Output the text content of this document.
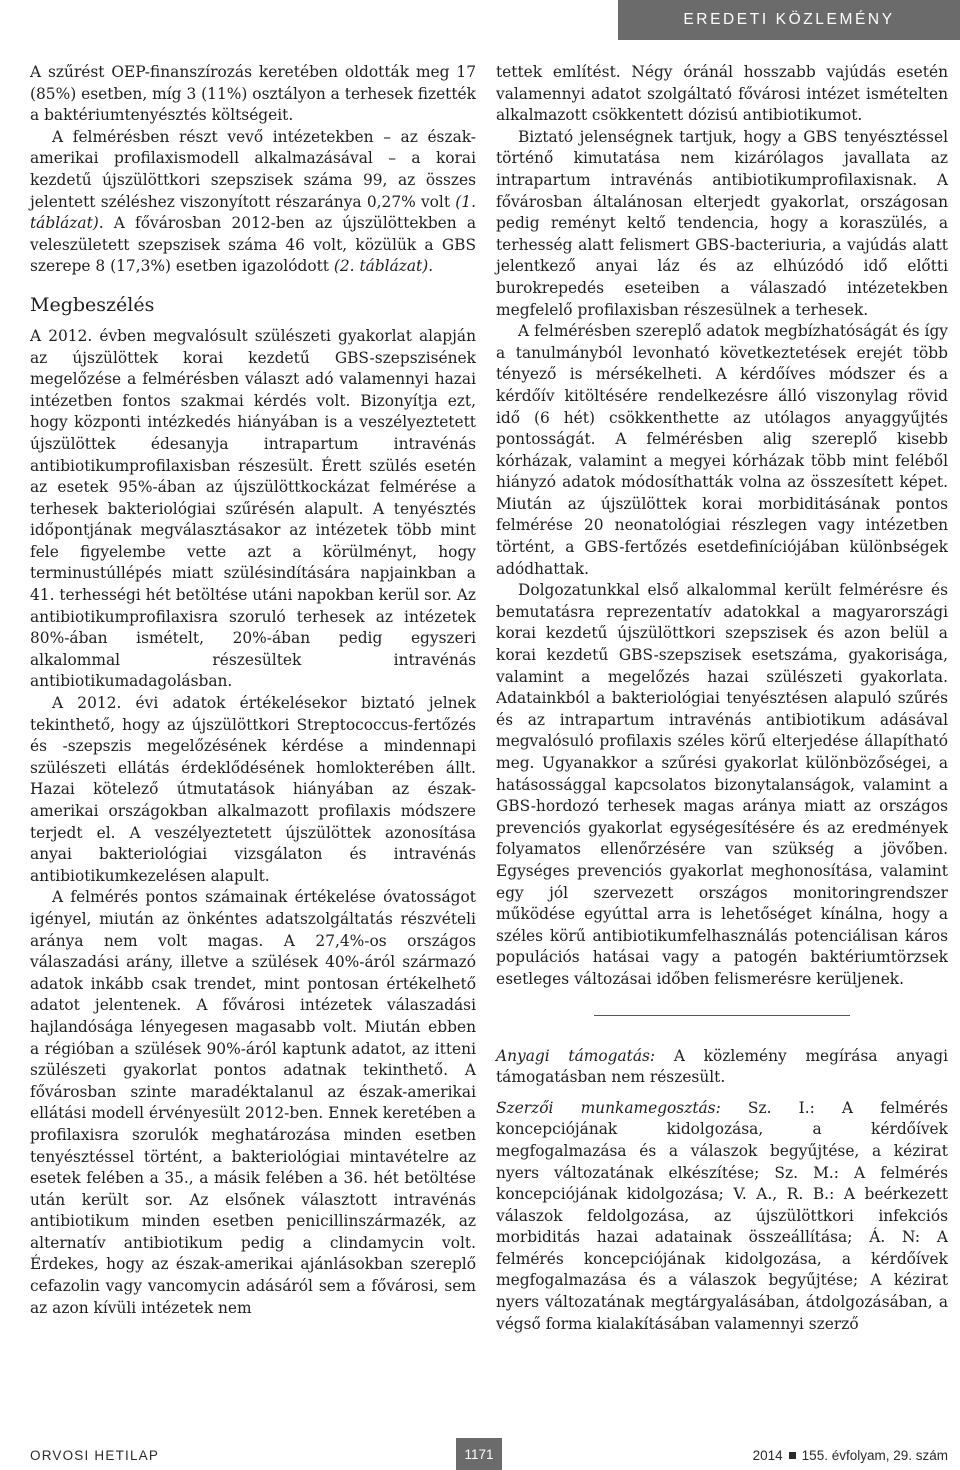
EREDETI KÖZLEMÉNY

A szűrést OEP-finanszírozás keretében oldották meg 17 (85%) esetben, míg 3 (11%) osztályon a terhesek fizették a baktériumtenyésztés költségeit.

A felmérésben részt vevő intézetekben – az észak-amerikai profilaxismodell alkalmazásával – a korai kezdetű újszülöttkori szepszisek száma 99, az összes jelentett széléshez viszonyított részaránya 0,27% volt (1. táblázat). A fővárosban 2012-ben az újszülöttekben a veleszületett szepszisek száma 46 volt, közülük a GBS szerepe 8 (17,3%) esetben igazolódott (2. táblázat).

Megbeszélés

A 2012. évben megvalósult szülészeti gyakorlat alapján az újszülöttek korai kezdetű GBS-szepszisének megelőzése a felmérésben választ adó valamennyi hazai intézetben fontos szakmai kérdés volt. Bizonyítja ezt, hogy központi intézkedés hiányában is a veszélyeztetett újszülöttek édesanyja intrapartum intravénás antibiotikumprofilaxisban részesült. Érett szülés esetén az esetek 95%-ában az újszülöttkockázat felmérése a terhesek bakteriológiai szűrésén alapult. A tenyésztés időpontjának megválasztásakor az intézetek több mint fele figyelembe vette azt a körülményt, hogy terminustúllépés miatt szülésindítására napjainkban a 41. terhességi hét betöltése utáni napokban kerül sor. Az antibiotikumprofilaxisra szoruló terhesek az intézetek 80%-ában ismételt, 20%-ában pedig egyszeri alkalommal részesültek intravénás antibiotikumadagolásban.

A 2012. évi adatok értékelésekor biztató jelnek tekinthető, hogy az újszülöttkori Streptococcus-fertőzés és -szepszis megelőzésének kérdése a mindennapi szülészeti ellátás érdeklődésének homlokterében állt. Hazai kötelező útmutatások hiányában az észak-amerikai országokban alkalmazott profilaxis módszere terjedt el. A veszélyeztetett újszülöttek azonosítása anyai bakteriológiai vizsgálaton és intravénás antibiotikumkezelésen alapult.

A felmérés pontos számainak értékelése óvatosságot igényel, miután az önkéntes adatszolgáltatás részvételi aránya nem volt magas. A 27,4%-os országos válaszadási arány, illetve a szülések 40%-áról származó adatok inkább csak trendet, mint pontosan értékelhető adatot jelentenek. A fővárosi intézetek válaszadási hajlandósága lényegesen magasabb volt. Miután ebben a régióban a szülések 90%-áról kaptunk adatot, az itteni szülészeti gyakorlat pontos adatnak tekinthető. A fővárosban szinte maradéktalanul az észak-amerikai ellátási modell érvényesült 2012-ben. Ennek keretében a profilaxisra szorulók meghatározása minden esetben tenyésztéssel történt, a bakteriológiai mintavételre az esetek felében a 35., a másik felében a 36. hét betöltése után került sor. Az elsőnek választott intravénás antibiotikum minden esetben penicillinszármazék, az alternatív antibiotikum pedig a clindamycin volt. Érdekes, hogy az észak-amerikai ajánlásokban szereplő cefazolin vagy vancomycin adásáról sem a fővárosi, sem az azon kívüli intézetek nem

tettek említést. Négy óránál hosszabb vajúdás esetén valamennyi adatot szolgáltató fővárosi intézet ismételten alkalmazott csökkentett dózisú antibiotikumot.

Biztató jelenségnek tartjuk, hogy a GBS tenyésztéssel történő kimutatása nem kizárólagos javallata az intrapartum intravénás antibiotikumprofilaxisnak. A fővárosban általánosan elterjedt gyakorlat, országosan pedig reményt keltő tendencia, hogy a koraszülés, a terhesség alatt felismert GBS-bacteriuria, a vajúdás alatt jelentkező anyai láz és az elhúzódó idő előtti burokrepedés eseteiben a válaszadó intézetekben megfelelő profilaxisban részesülnek a terhesek.

A felmérésben szereplő adatok megbízhatóságát és így a tanulmányból levonható következtetések erejét több tényező is mérsékelheti. A kérdőíves módszer és a kérdőív kitöltésére rendelkezésre álló viszonylag rövid idő (6 hét) csökkenthette az utólagos anyaggyűjtés pontosságát. A felmérésben alig szereplő kisebb kórházak, valamint a megyei kórházak több mint feléből hiányzó adatok módosíthatták volna az összesített képet. Miután az újszülöttek korai morbiditásának pontos felmérése 20 neonatológiai részlegen vagy intézetben történt, a GBS-fertőzés esetdefiníciójában különbségek adódhattak.

Dolgozatunkkal első alkalommal került felmérésre és bemutatásra reprezentatív adatokkal a magyarországi korai kezdetű újszülöttkori szepszisek és azon belül a korai kezdetű GBS-szepszisek esetszáma, gyakorisága, valamint a megelőzés hazai szülészeti gyakorlata. Adatainkból a bakteriológiai tenyésztésen alapuló szűrés és az intrapartum intravénás antibiotikum adásával megvalósuló profilaxis széles körű elterjedése állapítható meg. Ugyanakkor a szűrési gyakorlat különbözőségei, a hatásossággal kapcsolatos bizonytalanságok, valamint a GBS-hordozó terhesek magas aránya miatt az országos prevenciós gyakorlat egységesítésére és az eredmények folyamatos ellenőrzésére van szükség a jövőben. Egységes prevenciós gyakorlat meghonosítása, valamint egy jól szervezett országos monitoringrendszer működése egyúttal arra is lehetőséget kínálna, hogy a széles körű antibiotikumfelhasználás potenciálisan káros populációs hatásai vagy a patogén baktériumtörzsek esetleges változásai időben felismerésre kerüljenek.

Anyagi támogatás: A közlemény megírása anyagi támogatásban nem részesült.

Szerzői munkamegosztás: Sz. I.: A felmérés koncepciójának kidolgozása, a kérdőívek megfogalmazása és a válaszok begyűjtése, a kézirat nyers változatának elkészítése; Sz. M.: A felmérés koncepciójának kidolgozása; V. A., R. B.: A beérkezett válaszok feldolgozása, az újszülöttkori infekciós morbiditás hazai adatainak összeállítása; Á. N: A felmérés koncepciójának kidolgozása, a kérdőívek megfogalmazása és a válaszok begyűjtése; A kézirat nyers változatának megtárgyalásában, átdolgozásában, a végső forma kialakításában valamennyi szerző

ORVOSI HETILAP	1171	2014 155. évfolyam, 29. szám
